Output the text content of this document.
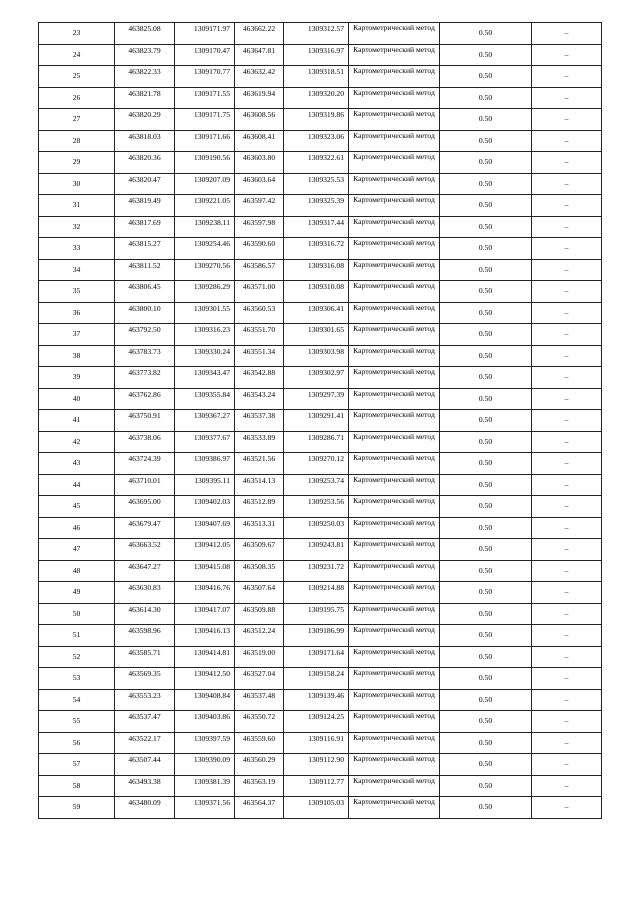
23	463825.08	1309171.97	463662.22	1309312.57	Картометрический метод	0.50	–
24	463823.79	1309170.47	463647.81	1309316.97	Картометрический метод	0.50	–
25	463822.33	1309170.77	463632.42	1309318.51	Картометрический метод	0.50	–
26	463821.78	1309171.55	463619.94	1309320.20	Картометрический метод	0.50	–
27	463820.29	1309171.75	463608.56	1309319.86	Картометрический метод	0.50	–
28	463818.03	1309171.66	463608.41	1309323.06	Картометрический метод	0.50	–
29	463820.36	1309190.56	463603.80	1309322.61	Картометрический метод	0.50	–
30	463820.47	1309207.09	463603.64	1309325.53	Картометрический метод	0.50	–
31	463819.49	1309221.05	463597.42	1309325.39	Картометрический метод	0.50	–
32	463817.69	1309238.11	463597.98	1309317.44	Картометрический метод	0.50	–
33	463815.27	1309254.46	463590.60	1309316.72	Картометрический метод	0.50	–
34	463811.52	1309270.56	463586.57	1309316.08	Картометрический метод	0.50	–
35	463806.45	1309286.29	463571.00	1309310.08	Картометрический метод	0.50	–
36	463800.10	1309301.55	463560.53	1309306.41	Картометрический метод	0.50	–
37	463792.50	1309316.23	463551.70	1309301.65	Картометрический метод	0.50	–
38	463783.73	1309330.24	463551.34	1309303.98	Картометрический метод	0.50	–
39	463773.82	1309343.47	463542.88	1309302.97	Картометрический метод	0.50	–
40	463762.86	1309355.84	463543.24	1309297.39	Картометрический метод	0.50	–
41	463750.91	1309367.27	463537.38	1309291.41	Картометрический метод	0.50	–
42	463738.06	1309377.67	463533.89	1309286.71	Картометрический метод	0.50	–
43	463724.39	1309386.97	463521.56	1309270.12	Картометрический метод	0.50	–
44	463710.01	1309395.11	463514.13	1309253.74	Картометрический метод	0.50	–
45	463695.00	1309402.03	463512.89	1309253.56	Картометрический метод	0.50	–
46	463679.47	1309407.69	463513.31	1309250.03	Картометрический метод	0.50	–
47	463663.52	1309412.05	463509.67	1309243.81	Картометрический метод	0.50	–
48	463647.27	1309415.08	463508.35	1309231.72	Картометрический метод	0.50	–
49	463630.83	1309416.76	463507.64	1309214.88	Картометрический метод	0.50	–
50	463614.30	1309417.07	463509.88	1309195.75	Картометрический метод	0.50	–
51	463598.96	1309416.13	463512.24	1309186.99	Картометрический метод	0.50	–
52	463585.71	1309414.81	463519.00	1309171.64	Картометрический метод	0.50	–
53	463569.35	1309412.50	463527.04	1309158.24	Картометрический метод	0.50	–
54	463553.23	1309408.84	463537.48	1309139.46	Картометрический метод	0.50	–
55	463537.47	1309403.86	463550.72	1309124.25	Картометрический метод	0.50	–
56	463522.17	1309397.59	463559.60	1309116.91	Картометрический метод	0.50	–
57	463507.44	1309390.09	463560.29	1309112.90	Картометрический метод	0.50	–
58	463493.38	1309381.39	463563.19	1309112.77	Картометрический метод	0.50	–
59	463480.09	1309371.56	463564.37	1309105.03	Картометрический метод	0.50	–
